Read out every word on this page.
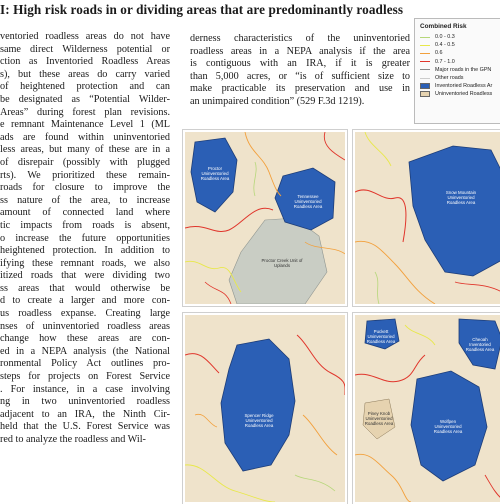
I: High risk roads in or dividing areas that are predominantly roadless

ventoried roadless areas do not have

same direct Wilderness potential or

ction as Inventoried Roadless Areas

s), but these areas do carry varied

of heightened protection and can

be designated as “Potential Wilder-

Areas” during forest plan revisions.

e remnant Maintenance Level 1 (ML

ads are found within uninventoried

less areas, but many of these are in a

of disrepair (possibly with plugged

rts). We prioritized these remain-

roads for closure to improve the

ss nature of the area, to increase

amount of connected land where

tic impacts from roads is absent,

o increase the future opportunities

heightened protection. In addition to

ifying these remnant roads, we also

itized roads that were dividing two

ss areas that would otherwise be

d to create a larger and more con-

us roadless expanse. Creating large

nses of uninventoried roadless areas

change how these areas are con-

ed in a NEPA analysis (the National

ronmental Policy Act outlines pro-

steps for projects on Forest Service

. For instance, in a case involving

ng in two uninventoried roadless

adjacent to an IRA, the Ninth Cir-

held that the U.S. Forest Service was

red to analyze the roadless and Wil-

derness characteristics of the uninventoried

roadless areas in a NEPA analysis if the area

is contiguous with an IRA, if it is greater

than 5,000 acres, or “is of sufficient size to

make practicable its preservation and use in

an unimpaired condition” (529 F.3d 1219).

Combined Risk
0.0 - 0.3
0.4 - 0.5
0.6
0.7 - 1.0
Major roads in the GPN
Other roads
Inventoried Roadless Ar
Uninventoried Roadless
Proctor Uninventoried Roadless Area
Tennessee Uninventoried Roadless Area
Proctor Creek Unit of Uplands
Snow Mountain Uninventoried Roadless Area
Spencer Ridge Uninventoried Roadless Area
Puckett Uninventoried Roadless Area	Cheoah Inventoried Roadless Area
Piney Knob Uninventoried Roadless Area	Wolfpen Uninventoried Roadless Area
